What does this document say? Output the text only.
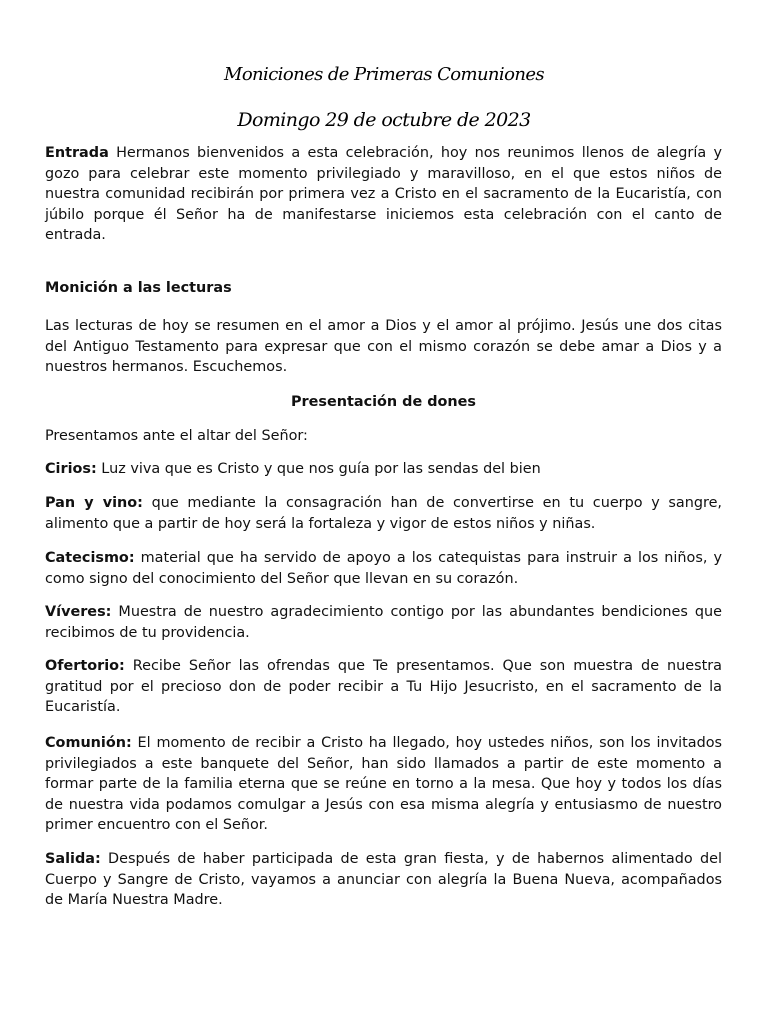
Moniciones de Primeras Comuniones
Domingo 29 de octubre de 2023

Entrada Hermanos bienvenidos a esta celebración, hoy nos reunimos llenos de alegría y gozo para celebrar este momento privilegiado y maravilloso, en el que estos niños de nuestra comunidad recibirán por primera vez a Cristo en el sacramento de la Eucaristía, con júbilo porque él Señor ha de manifestarse iniciemos esta celebración con el canto de entrada.

Monición a las lecturas

Las lecturas de hoy se resumen en el amor a Dios y el amor al prójimo. Jesús une dos citas del Antiguo Testamento para expresar que con el mismo corazón se debe amar a Dios y a nuestros hermanos. Escuchemos.

Presentación de dones

Presentamos ante el altar del Señor:

Cirios: Luz viva que es Cristo y que nos guía por las sendas del bien

Pan y vino: que mediante la consagración han de convertirse en tu cuerpo y sangre, alimento que a partir de hoy será la fortaleza y vigor de estos niños y niñas.

Catecismo: material que ha servido de apoyo a los catequistas para instruir a los niños, y como signo del conocimiento del Señor que llevan en su corazón.

Víveres: Muestra de nuestro agradecimiento contigo por las abundantes bendiciones que recibimos de tu providencia.

Ofertorio: Recibe Señor las ofrendas que Te presentamos. Que son muestra de nuestra gratitud por el precioso don de poder recibir a Tu Hijo Jesucristo, en el sacramento de la Eucaristía.

Comunión: El momento de recibir a Cristo ha llegado, hoy ustedes niños, son los invitados privilegiados a este banquete del Señor, han sido llamados a partir de este momento a formar parte de la familia eterna que se reúne en torno a la mesa. Que hoy y todos los días de nuestra vida podamos comulgar a Jesús con esa misma alegría y entusiasmo de nuestro primer encuentro con el Señor.

Salida: Después de haber participada de esta gran fiesta, y de habernos alimentado del Cuerpo y Sangre de Cristo, vayamos a anunciar con alegría la Buena Nueva, acompañados de María Nuestra Madre.
